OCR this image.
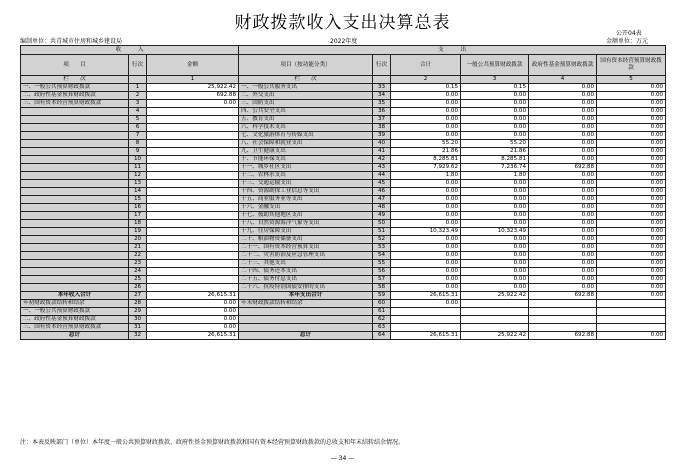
财政拨款收入支出决算总表
公开04表
编制单位：共青城市住房和城乡建设局	2022年度	金额单位：万元
收　　　入			支　　　出					
项　　目	行次	金额	项目（按功能分类）	行次	合计	一般公共预算财政拨款	政府性基金预算财政拨款	国有资本经营预算财政拨款
栏　　次		1	栏　　次		2	3	4	5
一、一般公共预算财政拨款	1	25,922.42	一、一般公共服务支出	33	0.15	0.15	0.00	0.00
二、政府性基金预算财政拨款	2	692.88	二、外交支出	34	0.00	0.00	0.00	0.00
三、国有资本经营预算财政拨款	3	0.00	三、国防支出	35	0.00	0.00	0.00	0.00
	4		四、公共安全支出	36	0.00	0.00	0.00	0.00
	5		五、教育支出	37	0.00	0.00	0.00	0.00
	6		六、科学技术支出	38	0.00	0.00	0.00	0.00
	7		七、文化旅游体育与传媒支出	39	0.00	0.00	0.00	0.00
	8		八、社会保障和就业支出	40	55.20	55.20	0.00	0.00
	9		九、卫生健康支出	41	21.86	21.86	0.00	0.00
	10		十、节能环保支出	42	8,285.81	8,285.81	0.00	0.00
	11		十一、城乡社区支出	43	7,929.62	7,236.74	692.88	0.00
	12		十二、农林水支出	44	1.80	1.80	0.00	0.00
	13		十三、交通运输支出	45	0.00	0.00	0.00	0.00
	14		十四、资源勘探工业信息等支出	46	0.00	0.00	0.00	0.00
	15		十五、商业服务业等支出	47	0.00	0.00	0.00	0.00
	16		十六、金融支出	48	0.00	0.00	0.00	0.00
	17		十七、援助其他地区支出	49	0.00	0.00	0.00	0.00
	18		十八、自然资源海洋气象等支出	50	0.00	0.00	0.00	0.00
	19		十九、住房保障支出	51	10,323.49	10,323.49	0.00	0.00
	20		二十、粮油物资储备支出	52	0.00	0.00	0.00	0.00
	21		二十一、国有资本经营预算支出	53	0.00	0.00	0.00	0.00
	22		二十二、灾害防治及应急管理支出	54	0.00	0.00	0.00	0.00
	23		二十三、其他支出	55	0.00	0.00	0.00	0.00
	24		二十四、债务还本支出	56	0.00	0.00	0.00	0.00
	25		二十五、债务付息支出	57	0.00	0.00	0.00	0.00
	26		二十六、抗疫特别国债安排的支出	58	0.00	0.00	0.00	0.00
本年收入合计	27	26,615.31	本年支出合计	59	26,615.31	25,922.42	692.88	0.00
年初财政拨款结转和结余	28	0.00	年末财政拨款结转和结余	60	0.00			
一、一般公共预算财政拨款	29	0.00		61				
二、政府性基金预算财政拨款	30	0.00		62				
三、国有资本经营预算财政拨款	31	0.00		63				
总计	32	26,615.31	总计	64	26,615.31	25,922.42	692.88	0.00
注：本表反映部门（单位）本年度一般公共预算财政拨款、政府性基金预算财政拨款和国有资本经营预算财政拨款的总收支和年末结转结余情况。
— 34 —
